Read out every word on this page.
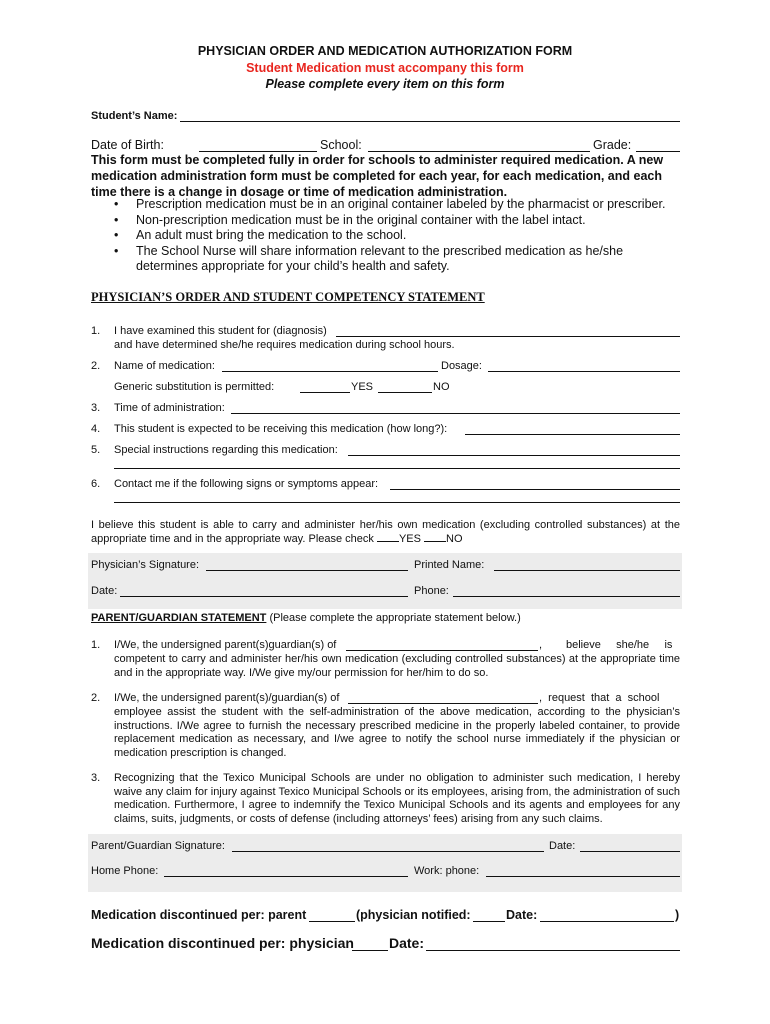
PHYSICIAN ORDER AND MEDICATION AUTHORIZATION FORM
Student Medication must accompany this form
Please complete every item on this form
Student’s Name:
Date of Birth:	School:	Grade:
This form must be completed fully in order for schools to administer required medication. A new medication administration form must be completed for each year, for each medication, and each time there is a change in dosage or time of medication administration.
• Prescription medication must be in an original container labeled by the pharmacist or prescriber.
• Non-prescription medication must be in the original container with the label intact.
• An adult must bring the medication to the school.
• The School Nurse will share information relevant to the prescribed medication as he/she determines appropriate for your child’s health and safety.
PHYSICIAN’S ORDER AND STUDENT COMPETENCY STATEMENT
1. I have examined this student for (diagnosis)
and have determined she/he requires medication during school hours.
2. Name of medication:	Dosage:
Generic substitution is permitted:	YES	NO
3. Time of administration:
4. This student is expected to be receiving this medication (how long?):
5. Special instructions regarding this medication:
6. Contact me if the following signs or symptoms appear:
I believe this student is able to carry and administer her/his own medication (excluding controlled substances) at the appropriate time and in the appropriate way. Please check YES NO
Physician’s Signature:	Printed Name:
Date:	Phone:
PARENT/GUARDIAN STATEMENT (Please complete the appropriate statement below.)
1. I/We, the undersigned parent(s)guardian(s) of	, believe     she/he     is
competent to carry and administer her/his own medication (excluding controlled substances) at the appropriate time and in the appropriate way. I/We give my/our permission for her/him to do so.
2. I/We, the undersigned parent(s)/guardian(s) of	,  request  that  a  school
employee assist the student with the self-administration of the above medication, according to the physician’s instructions. I/We agree to furnish the necessary prescribed medicine in the properly labeled container, to provide replacement medication as necessary, and I/we agree to notify the school nurse immediately if the physician or medication prescription is changed.
3. Recognizing that the Texico Municipal Schools are under no obligation to administer such medication, I hereby waive any claim for injury against Texico Municipal Schools or its employees, arising from, the administration of such medication. Furthermore, I agree to indemnify the Texico Municipal Schools and its agents and employees for any claims, suits, judgments, or costs of defense (including attorneys’ fees) arising from any such claims.
Parent/Guardian Signature:	Date:
Home Phone:	Work: phone:
Medication discontinued per: parent	(physician notified:	Date:	)
Medication discontinued per: physician	Date:
